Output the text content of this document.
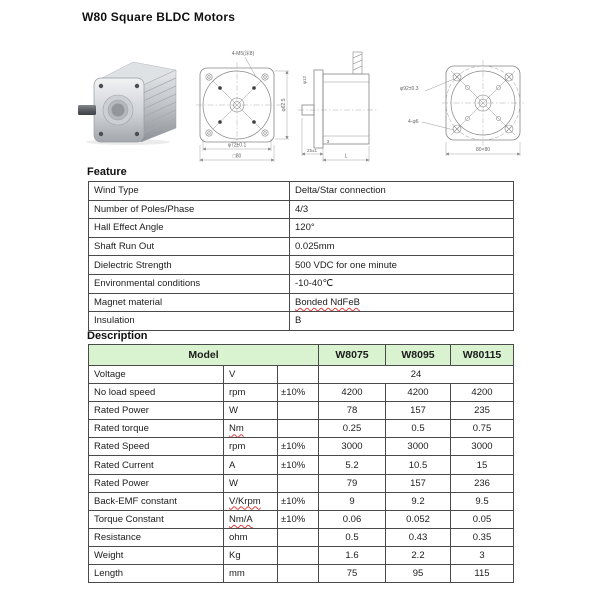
W80 Square BLDC Motors
4-M5(深8)
φ72±0.1
□80
φ62.5
φ12
3
25±1
L
φ92±0.3
4-φ6
80×80
Feature
Wind Type	Delta/Star connection
Number of Poles/Phase	4/3
Hall Effect Angle	120°
Shaft Run Out	0.025mm
Dielectric Strength	500 VDC for one minute
Environmental conditions	-10-40℃
Magnet material	Bonded NdFeB
Insulation	B
Description
Model			W8075	W8095	W80115
Voltage	V		24		
No load speed	rpm	±10%	4200	4200	4200
Rated Power	W		78	157	235
Rated torque	Nm		0.25	0.5	0.75
Rated Speed	rpm	±10%	3000	3000	3000
Rated Current	A	±10%	5.2	10.5	15
Rated Power	W		79	157	236
Back-EMF constant	V/Krpm	±10%	9	9.2	9.5
Torque Constant	Nm/A	±10%	0.06	0.052	0.05
Resistance	ohm		0.5	0.43	0.35
Weight	Kg		1.6	2.2	3
Length	mm		75	95	115
